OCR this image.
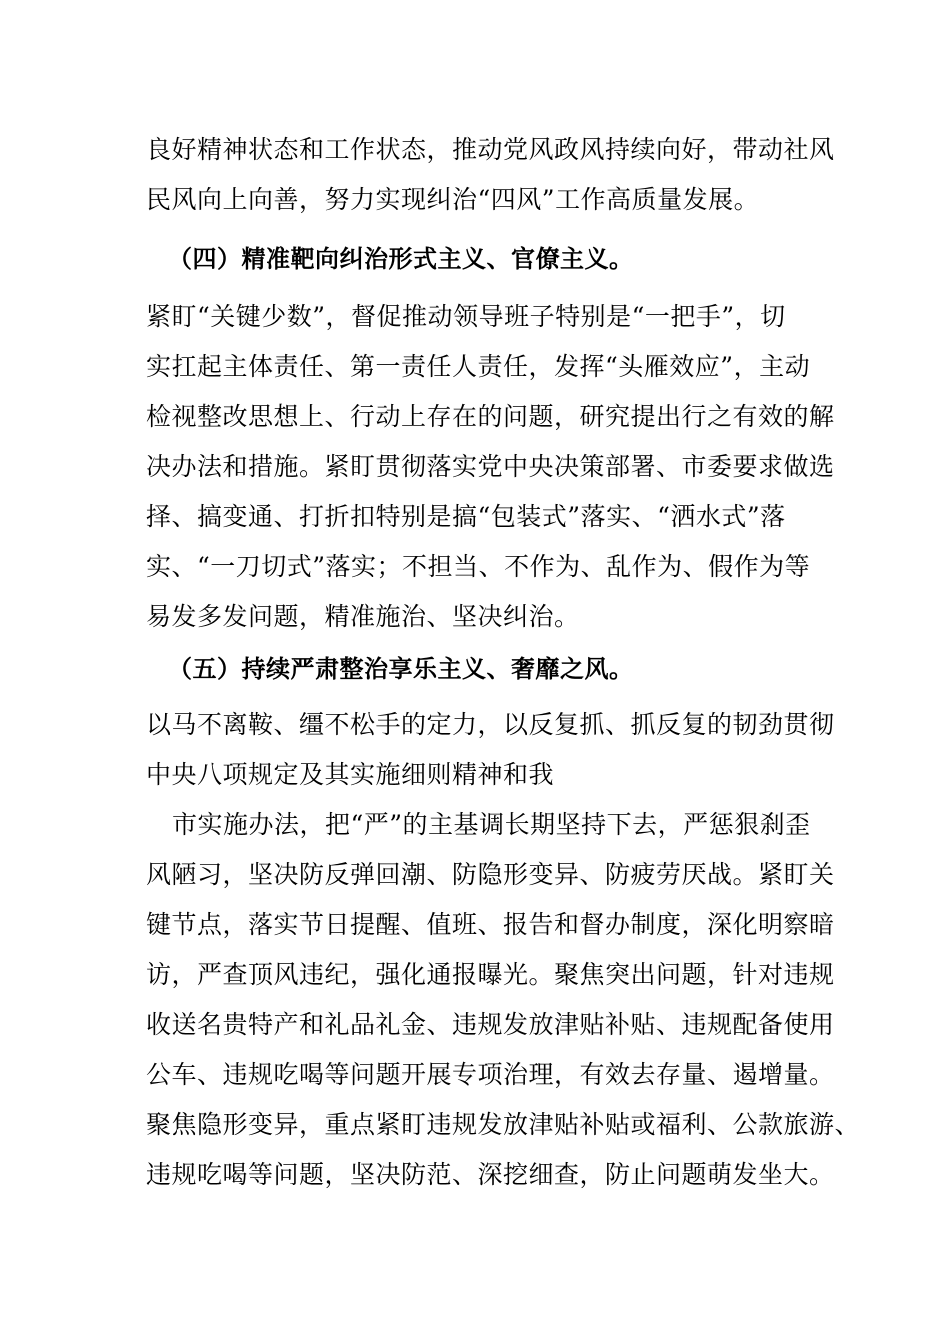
良好精神状态和工作状态，推动党风政风持续向好，带动社风
民风向上向善，努力实现纠治“四风”工作高质量发展。
（四）精准靶向纠治形式主义、官僚主义。
紧盯“关键少数”，督促推动领导班子特别是“一把手”，切
实扛起主体责任、第一责任人责任，发挥“头雁效应”，主动
检视整改思想上、行动上存在的问题，研究提出行之有效的解
决办法和措施。紧盯贯彻落实党中央决策部署、市委要求做选
择、搞变通、打折扣特别是搞“包装式”落实、“洒水式”落
实、“一刀切式”落实；不担当、不作为、乱作为、假作为等
易发多发问题，精准施治、坚决纠治。
（五）持续严肃整治享乐主义、奢靡之风。
以马不离鞍、缰不松手的定力，以反复抓、抓反复的韧劲贯彻
中央八项规定及其实施细则精神和我
市实施办法，把“严”的主基调长期坚持下去，严惩狠刹歪
风陋习，坚决防反弹回潮、防隐形变异、防疲劳厌战。紧盯关
键节点，落实节日提醒、值班、报告和督办制度，深化明察暗
访，严查顶风违纪，强化通报曝光。聚焦突出问题，针对违规
收送名贵特产和礼品礼金、违规发放津贴补贴、违规配备使用
公车、违规吃喝等问题开展专项治理，有效去存量、遏增量。
聚焦隐形变异，重点紧盯违规发放津贴补贴或福利、公款旅游、
违规吃喝等问题，坚决防范、深挖细查，防止问题萌发坐大。
